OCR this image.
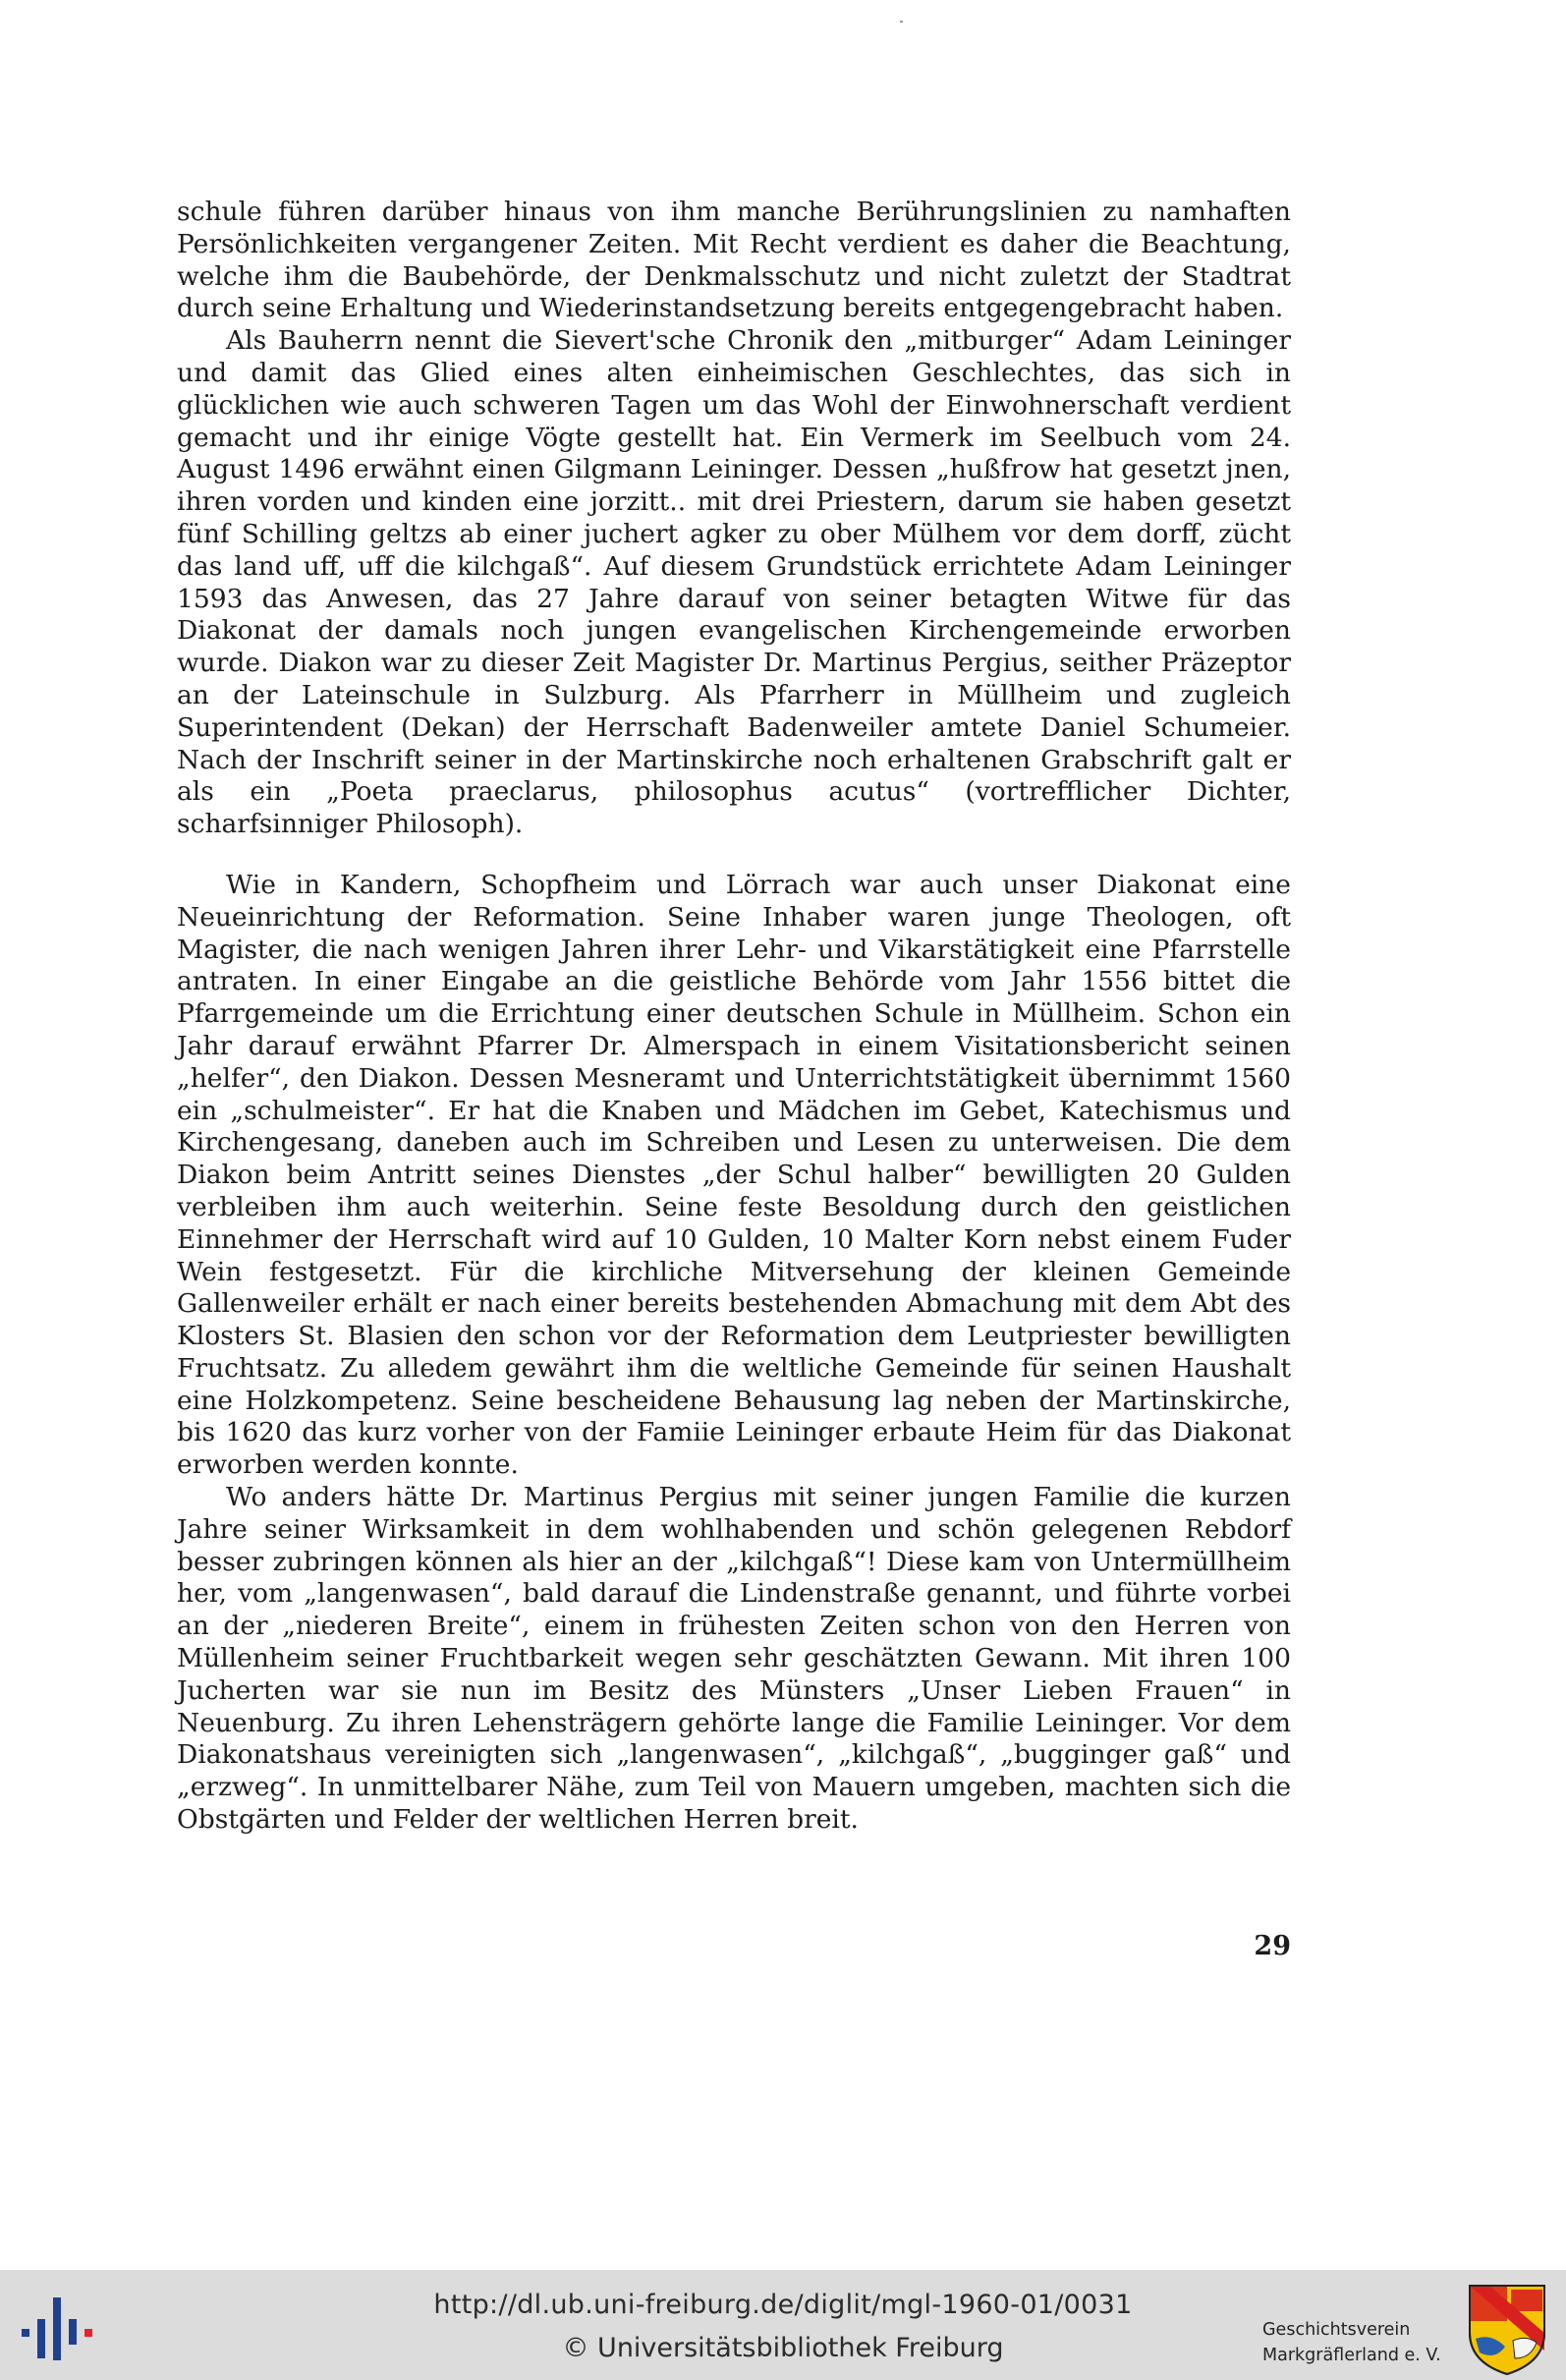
schule führen darüber hinaus von ihm manche Berührungslinien zu namhaften Persönlichkeiten vergangener Zeiten. Mit Recht verdient es daher die Beachtung, welche ihm die Baubehörde, der Denkmalsschutz und nicht zuletzt der Stadtrat durch seine Erhaltung und Wiederinstandsetzung bereits entgegengebracht haben.

Als Bauherrn nennt die Sievert'sche Chronik den „mitburger“ Adam Leininger und damit das Glied eines alten einheimischen Geschlechtes, das sich in glücklichen wie auch schweren Tagen um das Wohl der Einwohnerschaft verdient gemacht und ihr einige Vögte gestellt hat. Ein Vermerk im Seelbuch vom 24. August 1496 erwähnt einen Gilgmann Leininger. Dessen „hußfrow hat gesetzt jnen, ihren vorden und kinden eine jorzitt.. mit drei Priestern, darum sie haben gesetzt fünf Schilling geltzs ab einer juchert agker zu ober Mülhem vor dem dorff, zücht das land uff, uff die kilchgaß“. Auf diesem Grundstück errichtete Adam Leininger 1593 das Anwesen, das 27 Jahre darauf von seiner betagten Witwe für das Diakonat der damals noch jungen evangelischen Kirchengemeinde erworben wurde. Diakon war zu dieser Zeit Magister Dr. Martinus Pergius, seither Präzeptor an der Lateinschule in Sulzburg. Als Pfarrherr in Müllheim und zugleich Superintendent (Dekan) der Herrschaft Badenweiler amtete Daniel Schumeier. Nach der Inschrift seiner in der Martinskirche noch erhaltenen Grabschrift galt er als ein „Poeta praeclarus, philosophus acutus“ (vortrefflicher Dichter, scharfsinniger Philosoph).

Wie in Kandern, Schopfheim und Lörrach war auch unser Diakonat eine Neueinrichtung der Reformation. Seine Inhaber waren junge Theologen, oft Magister, die nach wenigen Jahren ihrer Lehr- und Vikarstätigkeit eine Pfarrstelle antraten. In einer Eingabe an die geistliche Behörde vom Jahr 1556 bittet die Pfarrgemeinde um die Errichtung einer deutschen Schule in Müllheim. Schon ein Jahr darauf erwähnt Pfarrer Dr. Almerspach in einem Visitationsbericht seinen „helfer“, den Diakon. Dessen Mesneramt und Unterrichtstätigkeit übernimmt 1560 ein „schulmeister“. Er hat die Knaben und Mädchen im Gebet, Katechismus und Kirchengesang, daneben auch im Schreiben und Lesen zu unterweisen. Die dem Diakon beim Antritt seines Dienstes „der Schul halber“ bewilligten 20 Gulden verbleiben ihm auch weiterhin. Seine feste Besoldung durch den geistlichen Einnehmer der Herrschaft wird auf 10 Gulden, 10 Malter Korn nebst einem Fuder Wein festgesetzt. Für die kirchliche Mitversehung der kleinen Gemeinde Gallenweiler erhält er nach einer bereits bestehenden Abmachung mit dem Abt des Klosters St. Blasien den schon vor der Reformation dem Leutpriester bewilligten Fruchtsatz. Zu alledem gewährt ihm die weltliche Gemeinde für seinen Haushalt eine Holzkompetenz. Seine bescheidene Behausung lag neben der Martinskirche, bis 1620 das kurz vorher von der Famiie Leininger erbaute Heim für das Diakonat erworben werden konnte.

Wo anders hätte Dr. Martinus Pergius mit seiner jungen Familie die kurzen Jahre seiner Wirksamkeit in dem wohlhabenden und schön gelegenen Rebdorf besser zubringen können als hier an der „kilchgaß“! Diese kam von Untermüllheim her, vom „langenwasen“, bald darauf die Lindenstraße genannt, und führte vorbei an der „niederen Breite“, einem in frühesten Zeiten schon von den Herren von Müllenheim seiner Fruchtbarkeit wegen sehr geschätzten Gewann. Mit ihren 100 Jucherten war sie nun im Besitz des Münsters „Unser Lieben Frauen“ in Neuenburg. Zu ihren Lehensträgern gehörte lange die Familie Leininger. Vor dem Diakonatshaus vereinigten sich „langenwasen“, „kilchgaß“, „bugginger gaß“ und „erzweg“. In unmittelbarer Nähe, zum Teil von Mauern umgeben, machten sich die Obstgärten und Felder der weltlichen Herren breit.

29
http://dl.ub.uni-freiburg.de/diglit/mgl-1960-01/0031
© Universitätsbibliothek Freiburg
Geschichtsverein
Markgräflerland e. V.
